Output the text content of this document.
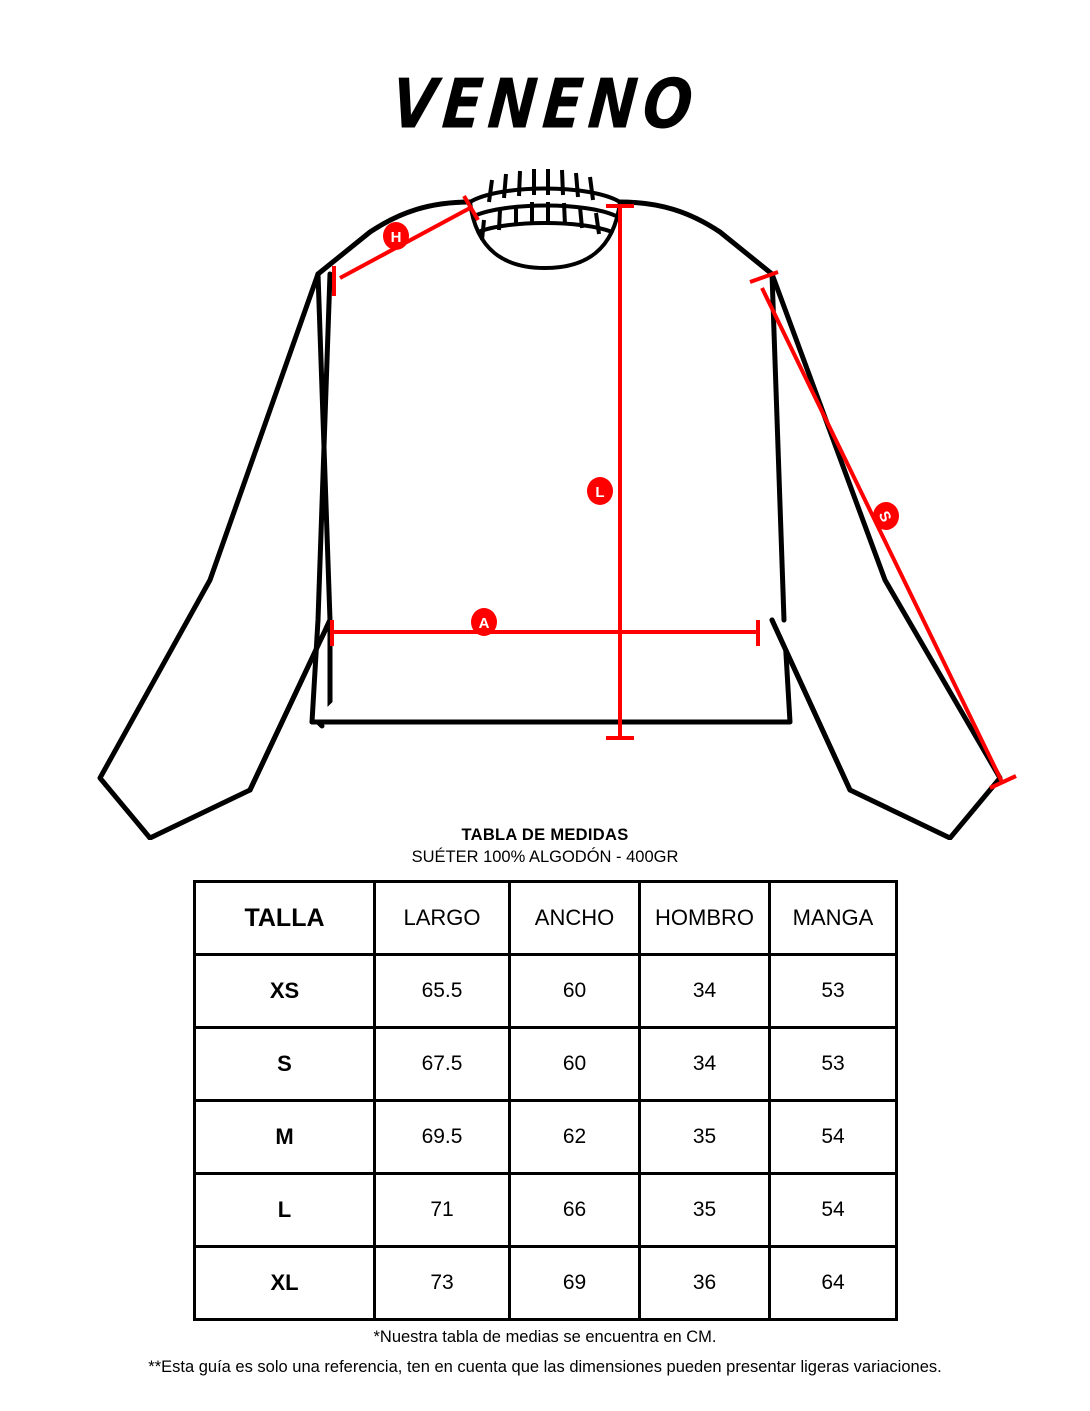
VENENO
H
L
S
A
TABLA DE MEDIDAS
SUÉTER 100% ALGODÓN - 400GR
TALLA	LARGO	ANCHO	HOMBRO	MANGA
XS	65.5	60	34	53
S	67.5	60	34	53
M	69.5	62	35	54
L	71	66	35	54
XL	73	69	36	64
*Nuestra tabla de medias se encuentra en CM.
**Esta guía es solo una referencia, ten en cuenta que las dimensiones pueden presentar ligeras variaciones.
